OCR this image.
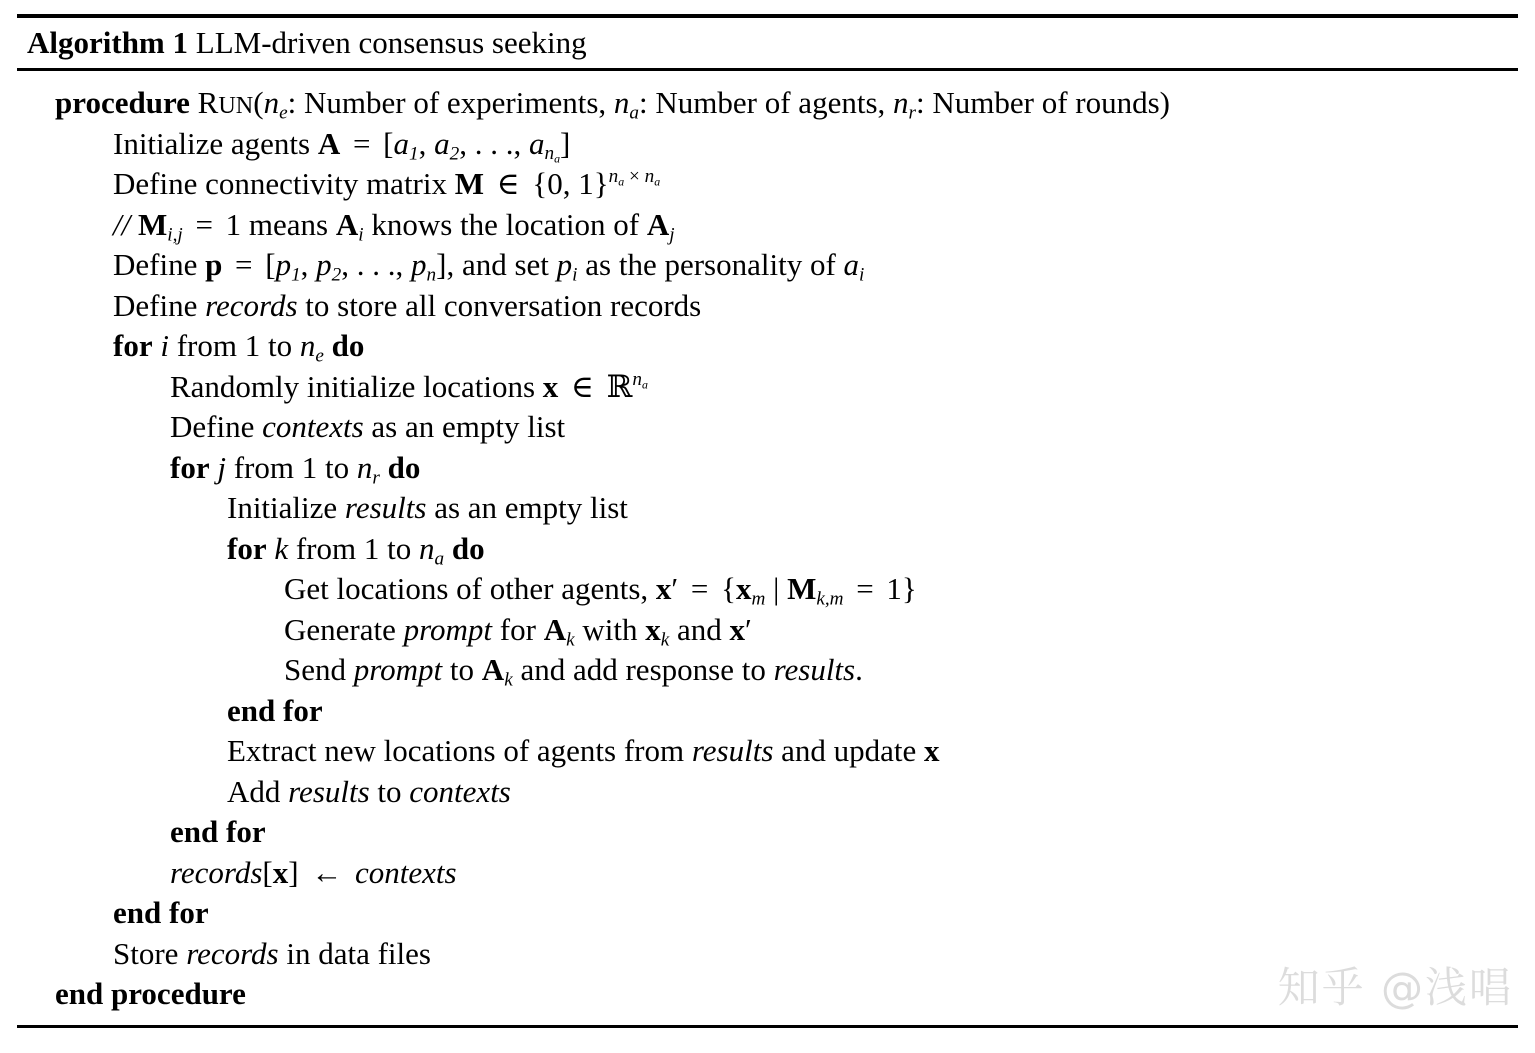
Algorithm 1 LLM-driven consensus seeking
procedure $RUN(n_e$: Number of experiments, $n_a$: Number of agents, $n_r$: Number of rounds)
Initialize agents $A = [a_1$, $a_2$, . . ., $a_{n_a}$]
Define connectivity matrix M ∈ {0, 1}$^{n_a \times n_a}$
// $M_{i,j} = 1$ means $A_i$ knows the location of $A_j$
Define $p = [p_1$, $p_2$, . . ., $p_n$], and set $p_i$ as the personality of $a_i$
Define records to store all conversation records
for i from 1 to $n_e$ do
Randomly initialize locations x ∈ ℝ$^{n_a}$
Define contexts as an empty list
for j from 1 to $n_r$ do
Initialize results as an empty list
for k from 1 to $n_a$ do
Get locations of other agents, $x' = \{x_m$ | $M_{k,m} = 1$}
Generate prompt for $A_k$ with $x_k$ and x′
Send prompt to $A_k$ and add response to results.
end for
Extract new locations of agents from results and update x
Add results to contexts
end for
records[x] ← contexts
end for
Store records in data files
end procedure	知乎 @浅唱
